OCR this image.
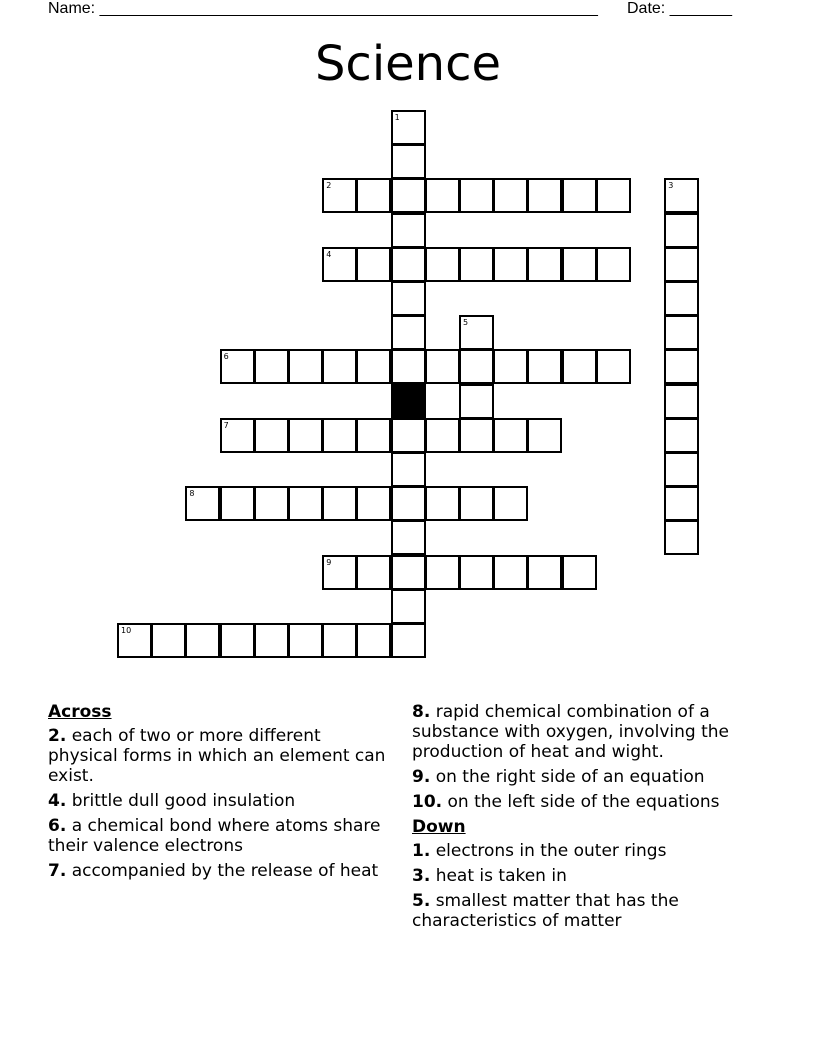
Name: ________________________________________________________ Date: _______
Science
2
4
6
7
8
9
10
1
3
5
Across
2. each of two or more different physical forms in which an element can exist.
4. brittle dull good insulation
6. a chemical bond where atoms share their valence electrons
7. accompanied by the release of heat
8. rapid chemical combination of a substance with oxygen, involving the production of heat and wight.
9. on the right side of an equation
10. on the left side of the equations
Down
1. electrons in the outer rings
3. heat is taken in
5. smallest matter that has the characteristics of matter
